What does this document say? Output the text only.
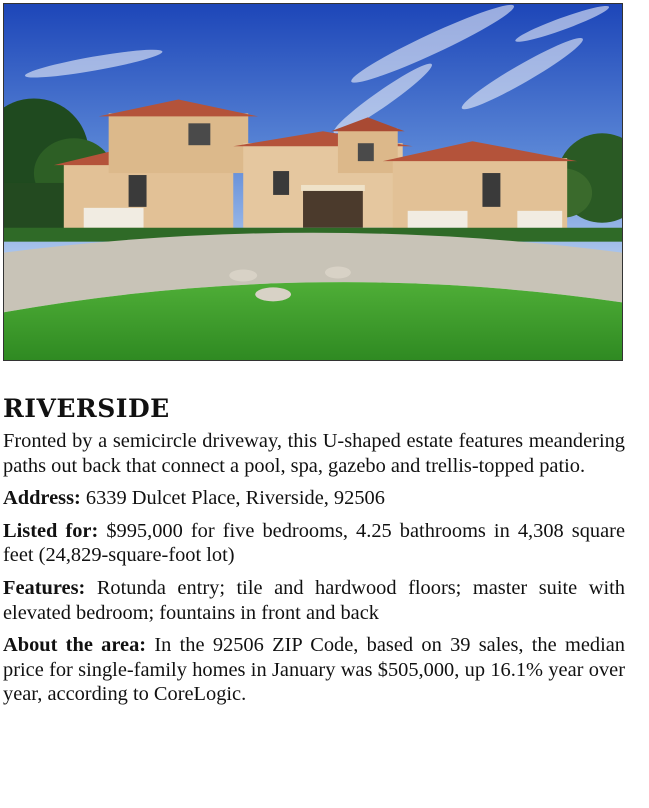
RIVERSIDE

Fronted by a semicircle driveway, this U-shaped estate features meandering paths out back that connect a pool, spa, gazebo and trellis-topped patio.

Address: 6339 Dulcet Place, Riverside, 92506

Listed for: $995,000 for five bedrooms, 4.25 bathrooms in 4,308 square feet (24,829-square-foot lot)

Features: Rotunda entry; tile and hardwood floors; master suite with elevated bedroom; fountains in front and back

About the area: In the 92506 ZIP Code, based on 39 sales, the median price for single-family homes in January was $505,000, up 16.1% year over year, according to CoreLogic.
